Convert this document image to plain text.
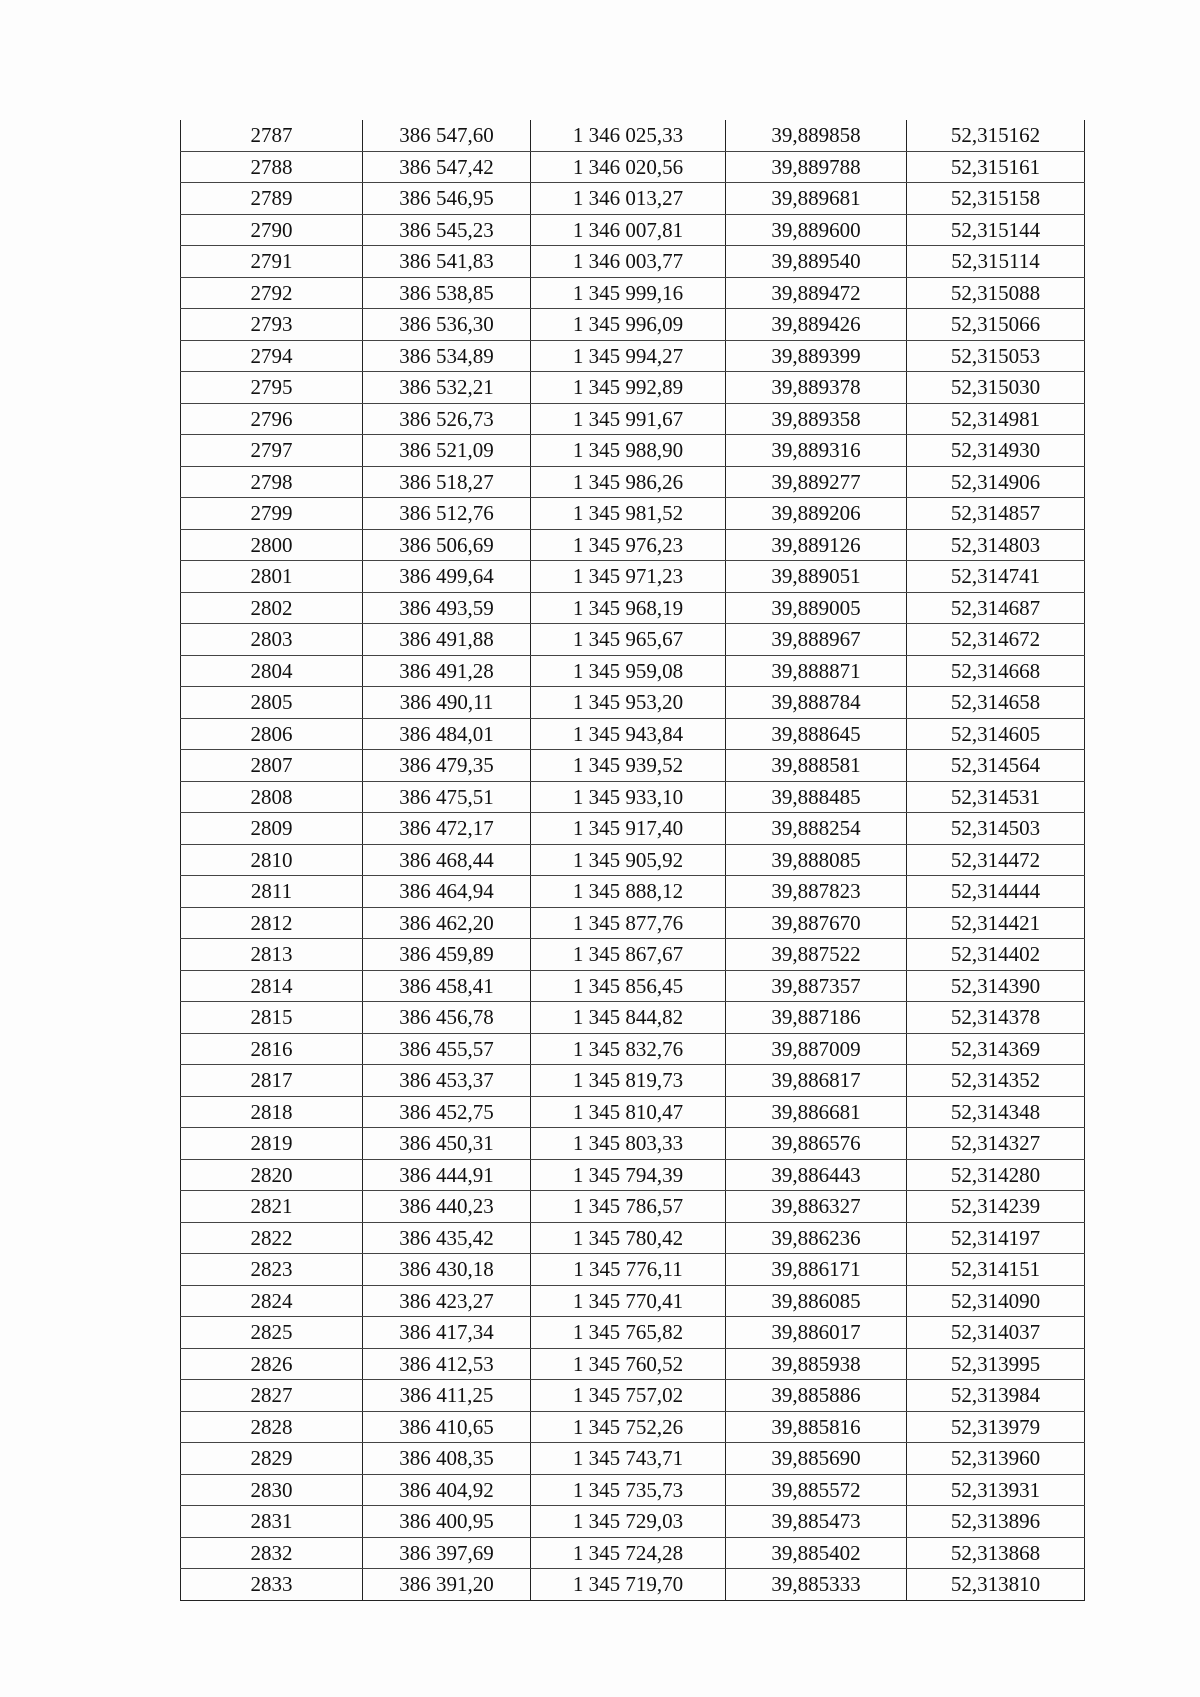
2787	386 547,60	1 346 025,33	39,889858	52,315162
2788	386 547,42	1 346 020,56	39,889788	52,315161
2789	386 546,95	1 346 013,27	39,889681	52,315158
2790	386 545,23	1 346 007,81	39,889600	52,315144
2791	386 541,83	1 346 003,77	39,889540	52,315114
2792	386 538,85	1 345 999,16	39,889472	52,315088
2793	386 536,30	1 345 996,09	39,889426	52,315066
2794	386 534,89	1 345 994,27	39,889399	52,315053
2795	386 532,21	1 345 992,89	39,889378	52,315030
2796	386 526,73	1 345 991,67	39,889358	52,314981
2797	386 521,09	1 345 988,90	39,889316	52,314930
2798	386 518,27	1 345 986,26	39,889277	52,314906
2799	386 512,76	1 345 981,52	39,889206	52,314857
2800	386 506,69	1 345 976,23	39,889126	52,314803
2801	386 499,64	1 345 971,23	39,889051	52,314741
2802	386 493,59	1 345 968,19	39,889005	52,314687
2803	386 491,88	1 345 965,67	39,888967	52,314672
2804	386 491,28	1 345 959,08	39,888871	52,314668
2805	386 490,11	1 345 953,20	39,888784	52,314658
2806	386 484,01	1 345 943,84	39,888645	52,314605
2807	386 479,35	1 345 939,52	39,888581	52,314564
2808	386 475,51	1 345 933,10	39,888485	52,314531
2809	386 472,17	1 345 917,40	39,888254	52,314503
2810	386 468,44	1 345 905,92	39,888085	52,314472
2811	386 464,94	1 345 888,12	39,887823	52,314444
2812	386 462,20	1 345 877,76	39,887670	52,314421
2813	386 459,89	1 345 867,67	39,887522	52,314402
2814	386 458,41	1 345 856,45	39,887357	52,314390
2815	386 456,78	1 345 844,82	39,887186	52,314378
2816	386 455,57	1 345 832,76	39,887009	52,314369
2817	386 453,37	1 345 819,73	39,886817	52,314352
2818	386 452,75	1 345 810,47	39,886681	52,314348
2819	386 450,31	1 345 803,33	39,886576	52,314327
2820	386 444,91	1 345 794,39	39,886443	52,314280
2821	386 440,23	1 345 786,57	39,886327	52,314239
2822	386 435,42	1 345 780,42	39,886236	52,314197
2823	386 430,18	1 345 776,11	39,886171	52,314151
2824	386 423,27	1 345 770,41	39,886085	52,314090
2825	386 417,34	1 345 765,82	39,886017	52,314037
2826	386 412,53	1 345 760,52	39,885938	52,313995
2827	386 411,25	1 345 757,02	39,885886	52,313984
2828	386 410,65	1 345 752,26	39,885816	52,313979
2829	386 408,35	1 345 743,71	39,885690	52,313960
2830	386 404,92	1 345 735,73	39,885572	52,313931
2831	386 400,95	1 345 729,03	39,885473	52,313896
2832	386 397,69	1 345 724,28	39,885402	52,313868
2833	386 391,20	1 345 719,70	39,885333	52,313810
